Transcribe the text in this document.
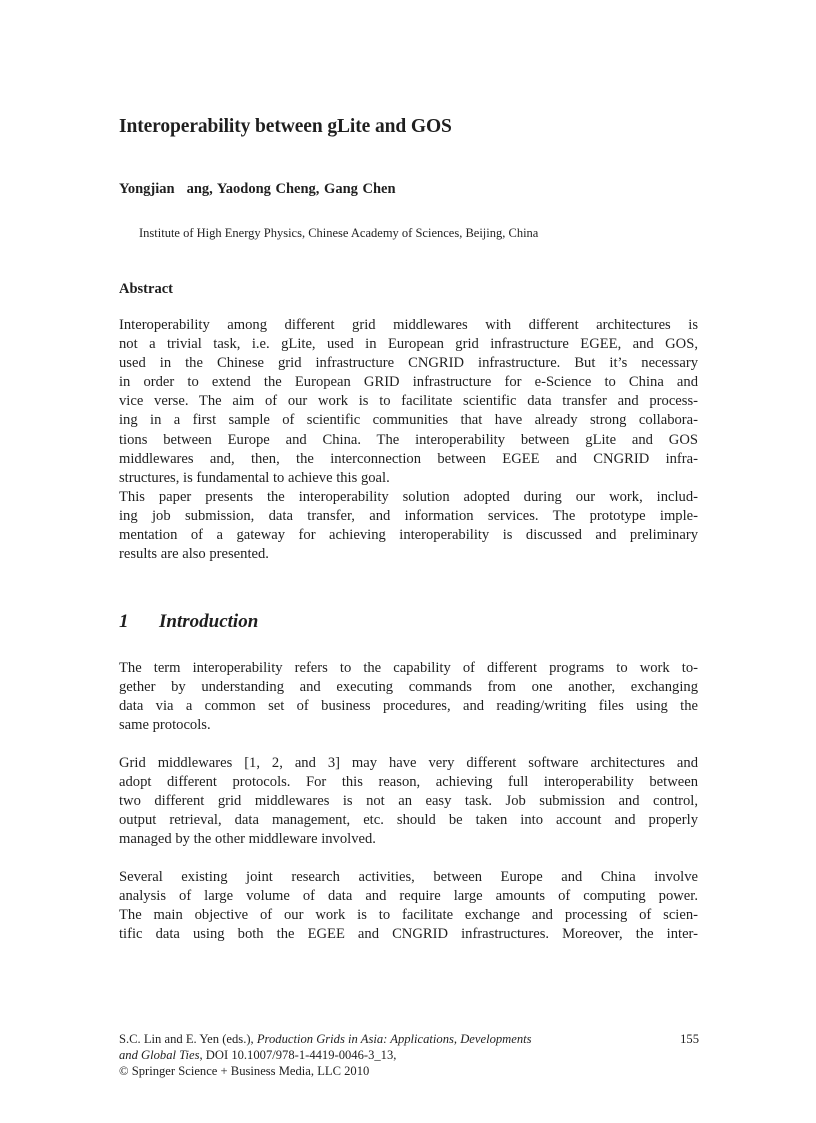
Interoperability between gLite and GOS
Yongjian ang, Yaodong Cheng, Gang Chen
Institute of High Energy Physics, Chinese Academy of Sciences, Beijing, China
Abstract
Interoperability among different grid middlewares with different architectures is
not a trivial task, i.e. gLite, used in European grid infrastructure EGEE, and GOS,
used in the Chinese grid infrastructure CNGRID infrastructure. But it’s necessary
in order to extend the European GRID infrastructure for e-Science to China and
vice verse. The aim of our work is to facilitate scientific data transfer and process-
ing in a first sample of scientific communities that have already strong collabora-
tions between Europe and China. The interoperability between gLite and GOS
middlewares and, then, the interconnection between EGEE and CNGRID infra-
structures, is fundamental to achieve this goal.
This paper presents the interoperability solution adopted during our work, includ-
ing job submission, data transfer, and information services. The prototype imple-
mentation of a gateway for achieving interoperability is discussed and preliminary
results are also presented.
1 Introduction
The term interoperability refers to the capability of different programs to work to-
gether by understanding and executing commands from one another, exchanging
data via a common set of business procedures, and reading/writing files using the
same protocols.
Grid middlewares [1, 2, and 3] may have very different software architectures and
adopt different protocols. For this reason, achieving full interoperability between
two different grid middlewares is not an easy task. Job submission and control,
output retrieval, data management, etc. should be taken into account and properly
managed by the other middleware involved.
Several existing joint research activities, between Europe and China involve
analysis of large volume of data and require large amounts of computing power.
The main objective of our work is to facilitate exchange and processing of scien-
tific data using both the EGEE and CNGRID infrastructures. Moreover, the inter-
155
S.C. Lin and E. Yen (eds.), Production Grids in Asia: Applications, Developments
and Global Ties, DOI 10.1007/978-1-4419-0046-3_13,
© Springer Science + Business Media, LLC 2010
